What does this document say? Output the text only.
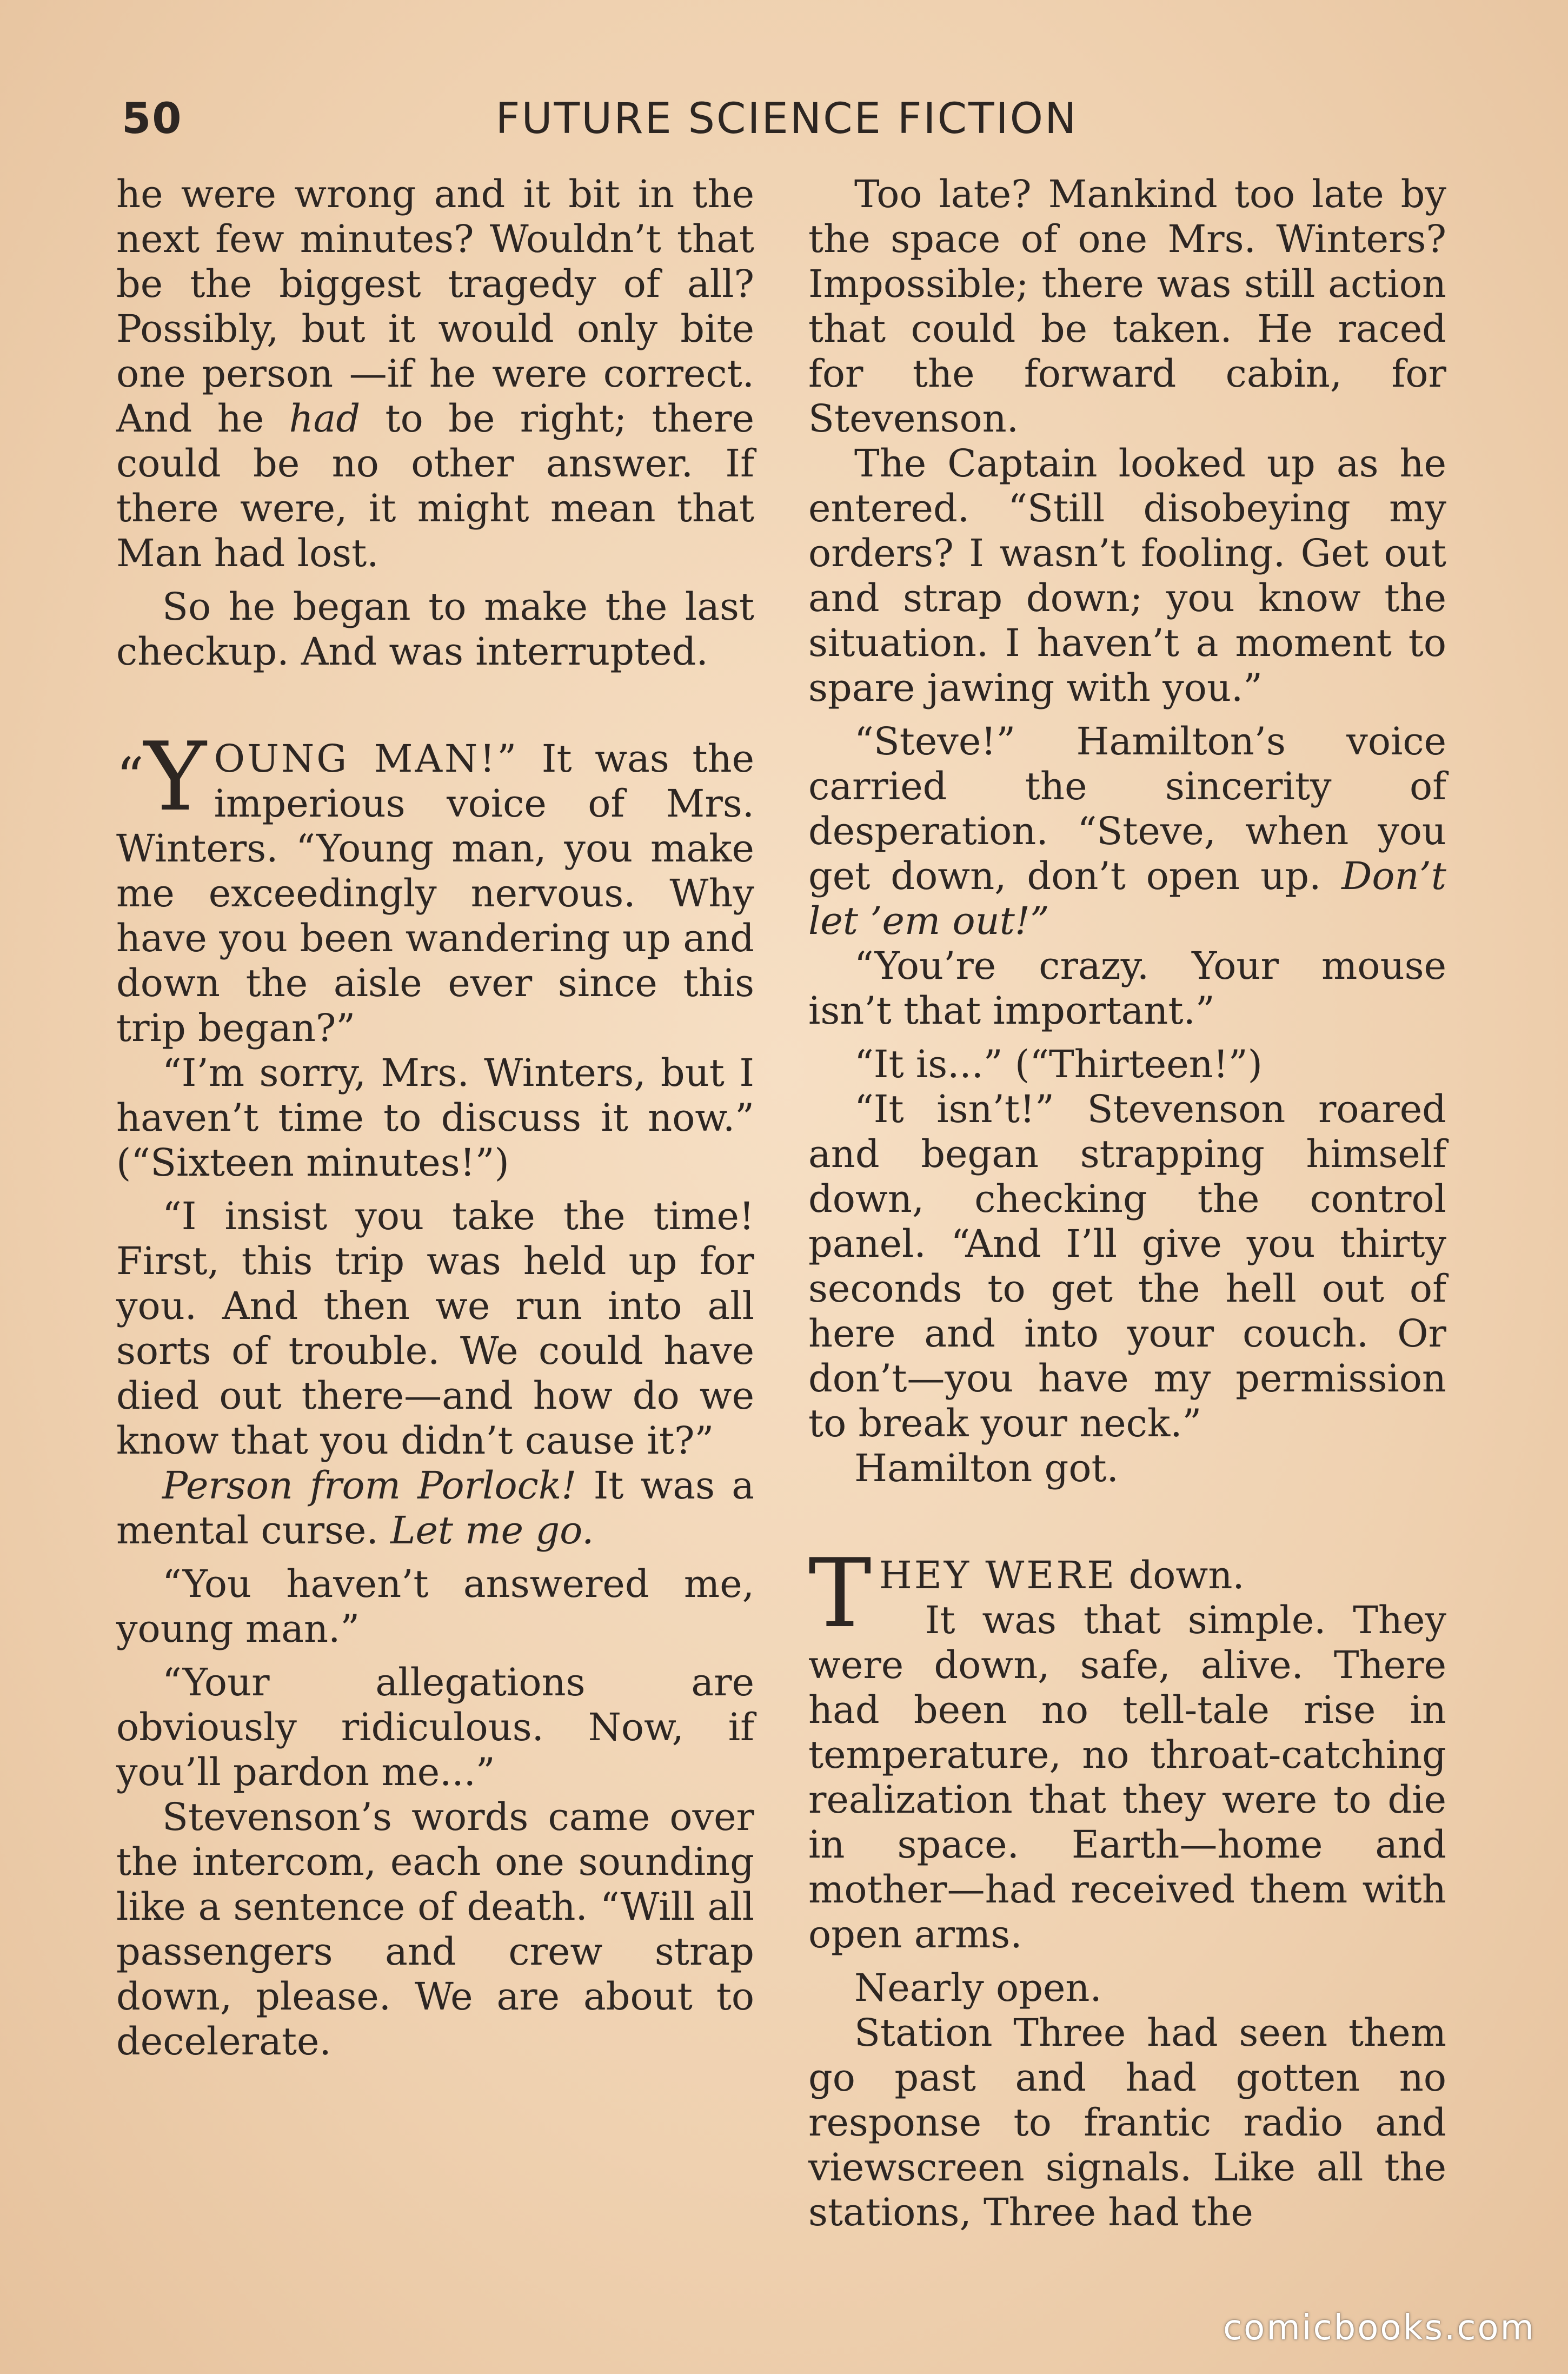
50	FUTURE SCIENCE FICTION

he were wrong and it bit in the next few minutes? Wouldn’t that be the biggest tragedy of all? Possibly, but it would only bite one person —if he were correct. And he had to be right; there could be no other answer. If there were, it might mean that Man had lost.

So he began to make the last checkup. And was interrupted.

“ Y OUNG MAN!” It was the imperious voice of Mrs. Winters. “Young man, you make me exceedingly nervous. Why have you been wandering up and down the aisle ever since this trip began?”

“I’m sorry, Mrs. Winters, but I haven’t time to discuss it now.” (“Sixteen minutes!”)

“I insist you take the time! First, this trip was held up for you. And then we run into all sorts of trouble. We could have died out there—and how do we know that you didn’t cause it?”

Person from Porlock! It was a mental curse. Let me go.

“You haven’t answered me, young man.”

“Your allegations are obviously ridiculous. Now, if you’ll pardon me...”

Stevenson’s words came over the intercom, each one sounding like a sentence of death. “Will all passengers and crew strap down, please. We are about to decelerate.

Too late? Mankind too late by the space of one Mrs. Winters? Impossible; there was still action that could be taken. He raced for the forward cabin, for Stevenson.

The Captain looked up as he entered. “Still disobeying my orders? I wasn’t fooling. Get out and strap down; you know the situation. I haven’t a moment to spare jawing with you.”

“Steve!” Hamilton’s voice carried the sincerity of desperation. “Steve, when you get down, don’t open up. Don’t let ’em out!”

“You’re crazy. Your mouse isn’t that important.”

“It is...” (“Thirteen!”)

“It isn’t!” Stevenson roared and began strapping himself down, checking the control panel. “And I’ll give you thirty seconds to get the hell out of here and into your couch. Or don’t—you have my permission to break your neck.”

Hamilton got.

THEY WERE down.

It was that simple. They were down, safe, alive. There had been no tell-tale rise in temperature, no throat-catching realization that they were to die in space. Earth—home and mother—had received them with open arms.

Nearly open.

Station Three had seen them go past and had gotten no response to frantic radio and viewscreen signals. Like all the stations, Three had the

comicbooks.com
